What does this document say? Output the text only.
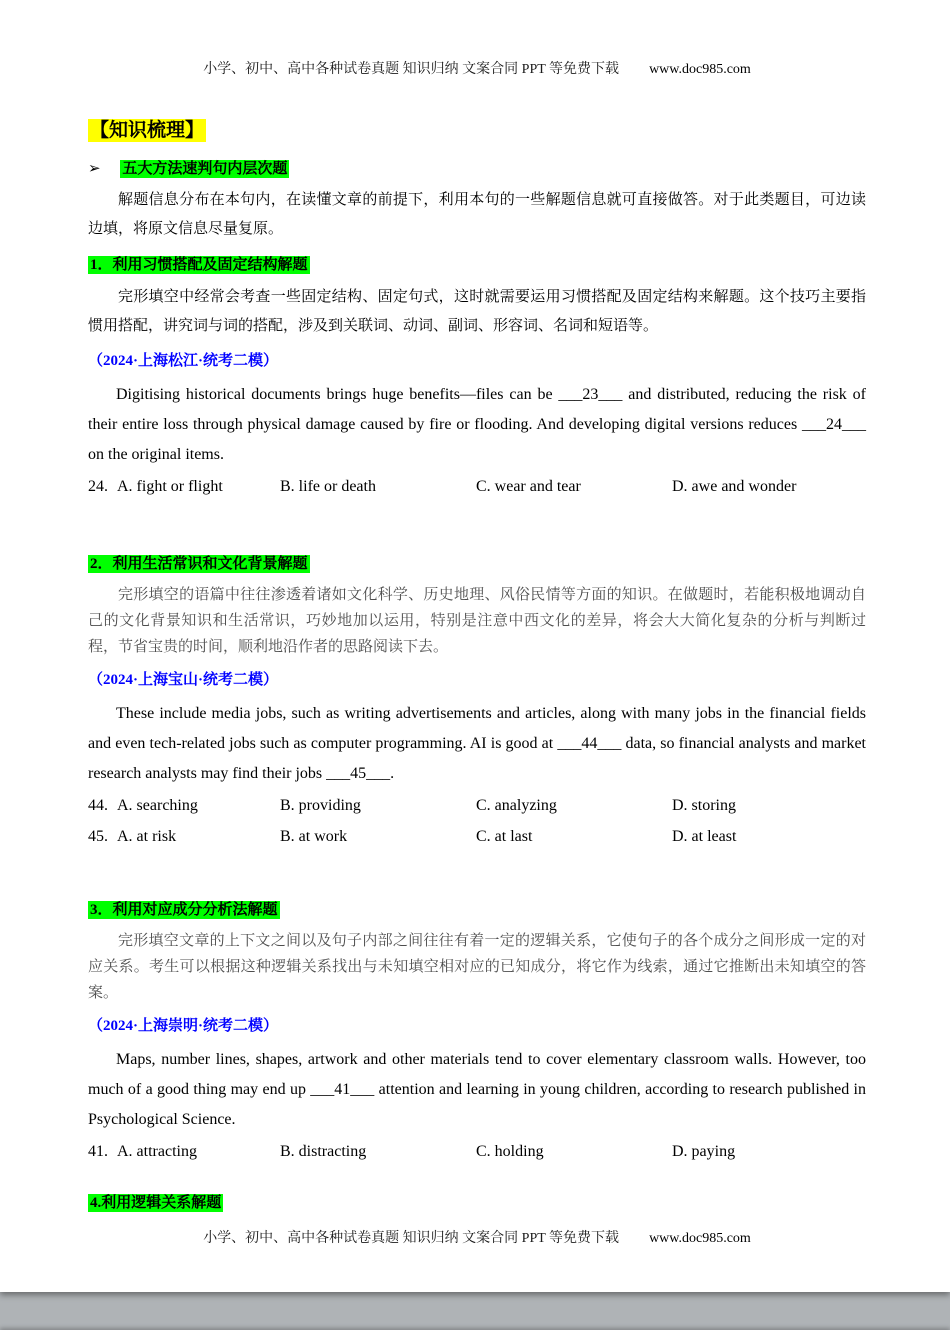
小学、初中、高中各种试卷真题 知识归纳 文案合同 PPT 等免费下载 www.doc985.com
【知识梳理】
➢ 五大方法速判句内层次题

解题信息分布在本句内，在读懂文章的前提下，利用本句的一些解题信息就可直接做答。对于此类题目，可边读边填，将原文信息尽量复原。

1．利用习惯搭配及固定结构解题

完形填空中经常会考查一些固定结构、固定句式，这时就需要运用习惯搭配及固定结构来解题。这个技巧主要指惯用搭配，讲究词与词的搭配，涉及到关联词、动词、副词、形容词、名词和短语等。

（2024·上海松江·统考二模）

Digitising historical documents brings huge benefits—files can be ___23___ and distributed, reducing the risk of their entire loss through physical damage caused by fire or flooding. And developing digital versions reduces ___24___ on the original items.

24. A. fight or flight	B. life or death	C. wear and tear	D. awe and wonder
2．利用生活常识和文化背景解题

完形填空的语篇中往往渗透着诸如文化科学、历史地理、风俗民情等方面的知识。在做题时，若能积极地调动自己的文化背景知识和生活常识，巧妙地加以运用，特别是注意中西文化的差异，将会大大简化复杂的分析与判断过程，节省宝贵的时间，顺利地沿作者的思路阅读下去。

（2024·上海宝山·统考二模）

These include media jobs, such as writing advertisements and articles, along with many jobs in the financial fields and even tech-related jobs such as computer programming. AI is good at ___44___ data, so financial analysts and market research analysts may find their jobs ___45___.

44. A. searching	B. providing	C. analyzing	D. storing
45. A. at risk	B. at work	C. at last	D. at least
3．利用对应成分分析法解题

完形填空文章的上下文之间以及句子内部之间往往有着一定的逻辑关系，它使句子的各个成分之间形成一定的对应关系。考生可以根据这种逻辑关系找出与未知填空相对应的已知成分，将它作为线索，通过它推断出未知填空的答案。

（2024·上海崇明·统考二模）

Maps, number lines, shapes, artwork and other materials tend to cover elementary classroom walls. However, too much of a good thing may end up ___41___ attention and learning in young children, according to research published in Psychological Science.

41. A. attracting	B. distracting	C. holding	D. paying
4.利用逻辑关系解题
小学、初中、高中各种试卷真题 知识归纳 文案合同 PPT 等免费下载 www.doc985.com
